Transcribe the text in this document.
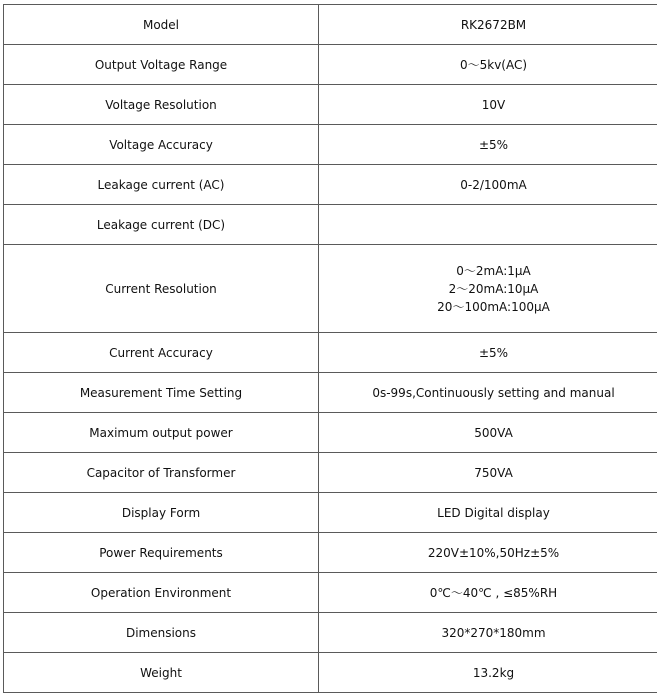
Model	RK2672BM

Output Voltage Range	0～5kv(AC)

Voltage Resolution	10V

Voltage Accuracy	±5%

Leakage current (AC)	0-2/100mA

Leakage current (DC)	

Current Resolution	0～2mA:1μA
2～20mA:10μA
20～100mA:100μA

Current Accuracy	±5%

Measurement Time Setting	0s-99s,Continuously setting and manual

Maximum output power	500VA

Capacitor of Transformer	750VA

Display Form	LED Digital display

Power Requirements	220V±10%,50Hz±5%

Operation Environment	0℃～40℃ , ≤85%RH

Dimensions	320*270*180mm

Weight	13.2kg
